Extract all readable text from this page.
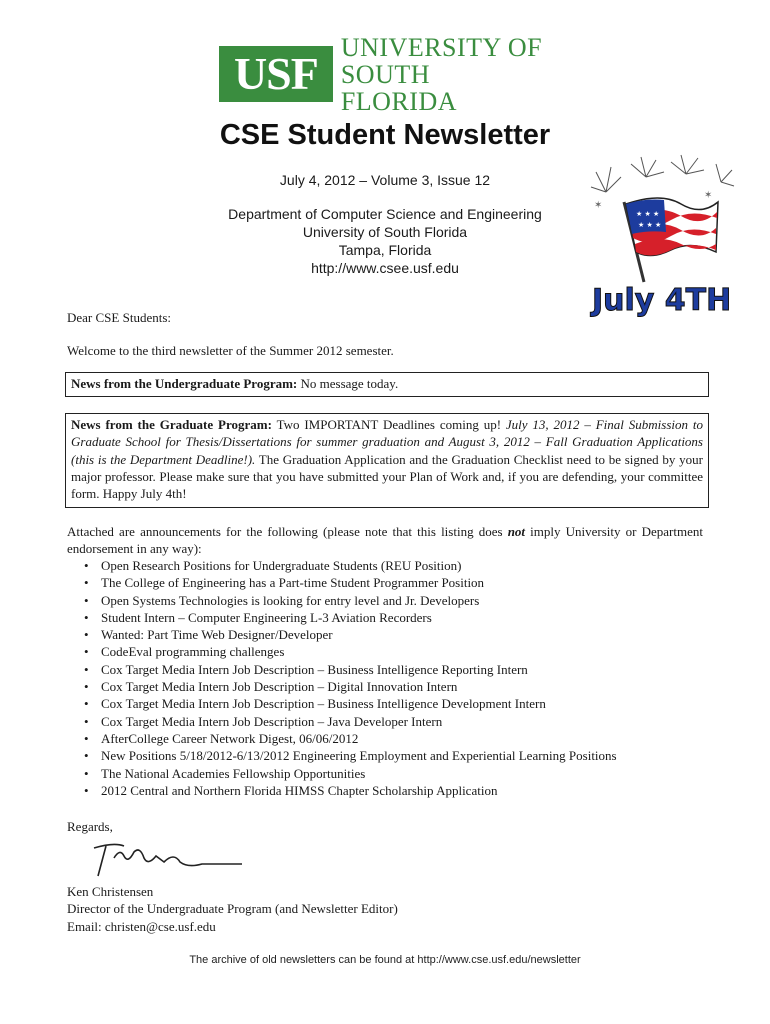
USF
UNIVERSITY OF
SOUTH FLORIDA
CSE Student Newsletter
July 4, 2012 – Volume 3, Issue 12
Department of Computer Science and Engineering
University of South Florida
Tampa, Florida
http://www.csee.usf.edu
✶
✶
★ ★ ★
★ ★ ★
July 4TH
Dear CSE Students:
Welcome to the third newsletter of the Summer 2012 semester.
News from the Undergraduate Program: No message today.
News from the Graduate Program: Two IMPORTANT Deadlines coming up! July 13, 2012 – Final Submission to Graduate School for Thesis/Dissertations for summer graduation and August 3, 2012 – Fall Graduation Applications (this is the Department Deadline!). The Graduation Application and the Graduation Checklist need to be signed by your major professor. Please make sure that you have submitted your Plan of Work and, if you are defending, your committee form. Happy July 4th!
Attached are announcements for the following (please note that this listing does not imply University or Department endorsement in any way):
• Open Research Positions for Undergraduate Students (REU Position)
• The College of Engineering has a Part-time Student Programmer Position
• Open Systems Technologies is looking for entry level and Jr. Developers
• Student Intern – Computer Engineering L-3 Aviation Recorders
• Wanted: Part Time Web Designer/Developer
• CodeEval programming challenges
• Cox Target Media Intern Job Description – Business Intelligence Reporting Intern
• Cox Target Media Intern Job Description – Digital Innovation Intern
• Cox Target Media Intern Job Description – Business Intelligence Development Intern
• Cox Target Media Intern Job Description – Java Developer Intern
• AfterCollege Career Network Digest, 06/06/2012
• New Positions 5/18/2012-6/13/2012 Engineering Employment and Experiential Learning Positions
• The National Academies Fellowship Opportunities
• 2012 Central and Northern Florida HIMSS Chapter Scholarship Application
Regards,
Ken Christensen
Director of the Undergraduate Program (and Newsletter Editor)
Email: christen@cse.usf.edu
The archive of old newsletters can be found at http://www.cse.usf.edu/newsletter
